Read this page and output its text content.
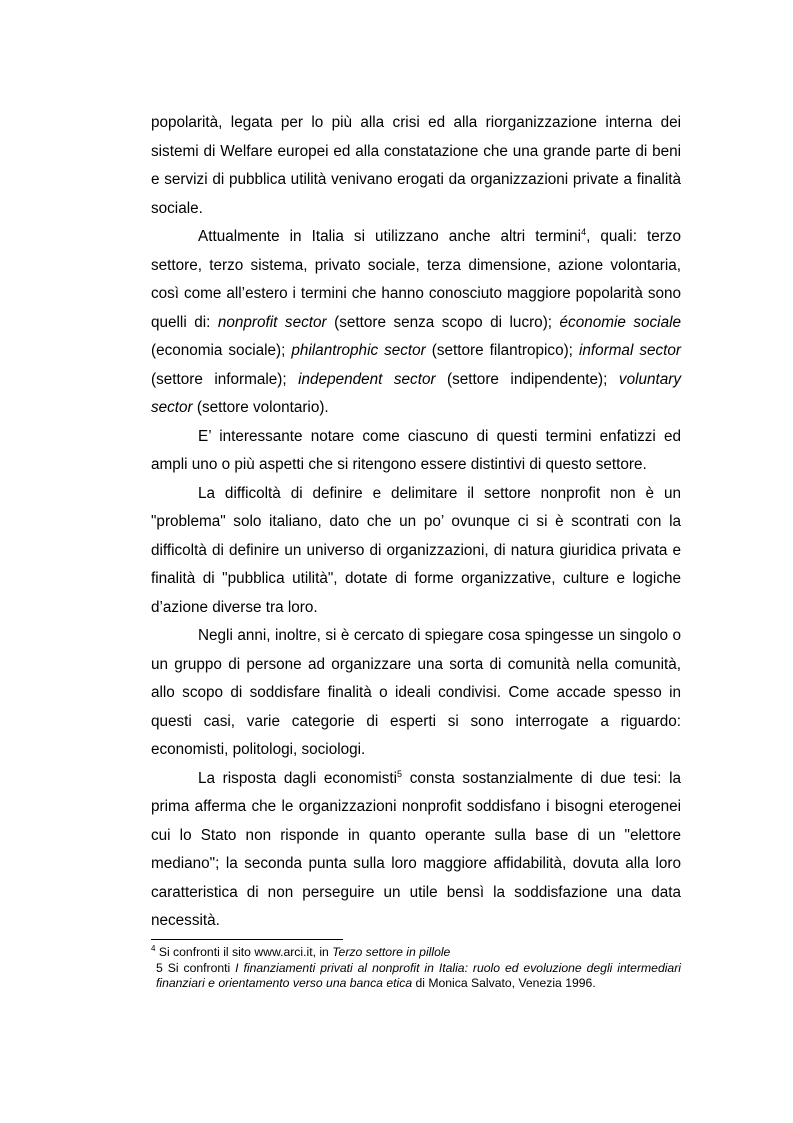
popolarità, legata per lo più alla crisi ed alla riorganizzazione interna dei sistemi di Welfare europei ed alla constatazione che una grande parte di beni e servizi di pubblica utilità venivano erogati da organizzazioni private a finalità sociale.

Attualmente in Italia si utilizzano anche altri termini$^4$, quali: terzo settore, terzo sistema, privato sociale, terza dimensione, azione volontaria, così come all’estero i termini che hanno conosciuto maggiore popolarità sono quelli di: nonprofit sector (settore senza scopo di lucro); économie sociale (economia sociale); philantrophic sector (settore filantropico); informal sector (settore informale); independent sector (settore indipendente); voluntary sector (settore volontario).

E’ interessante notare come ciascuno di questi termini enfatizzi ed ampli uno o più aspetti che si ritengono essere distintivi di questo settore.

La difficoltà di definire e delimitare il settore nonprofit non è un "problema" solo italiano, dato che un po’ ovunque ci si è scontrati con la difficoltà di definire un universo di organizzazioni, di natura giuridica privata e finalità di "pubblica utilità", dotate di forme organizzative, culture e logiche d’azione diverse tra loro.

Negli anni, inoltre, si è cercato di spiegare cosa spingesse un singolo o un gruppo di persone ad organizzare una sorta di comunità nella comunità, allo scopo di soddisfare finalità o ideali condivisi. Come accade spesso in questi casi, varie categorie di esperti si sono interrogate a riguardo: economisti, politologi, sociologi.

La risposta dagli economisti$^5$ consta sostanzialmente di due tesi: la prima afferma che le organizzazioni nonprofit soddisfano i bisogni eterogenei cui lo Stato non risponde in quanto operante sulla base di un "elettore mediano"; la seconda punta sulla loro maggiore affidabilità, dovuta alla loro caratteristica di non perseguire un utile bensì la soddisfazione una data necessità.

$^4$ Si confronti il sito www.arci.it, in Terzo settore in pillole

5 Si confronti I finanziamenti privati al nonprofit in Italia: ruolo ed evoluzione degli intermediari finanziari e orientamento verso una banca etica di Monica Salvato, Venezia 1996.
